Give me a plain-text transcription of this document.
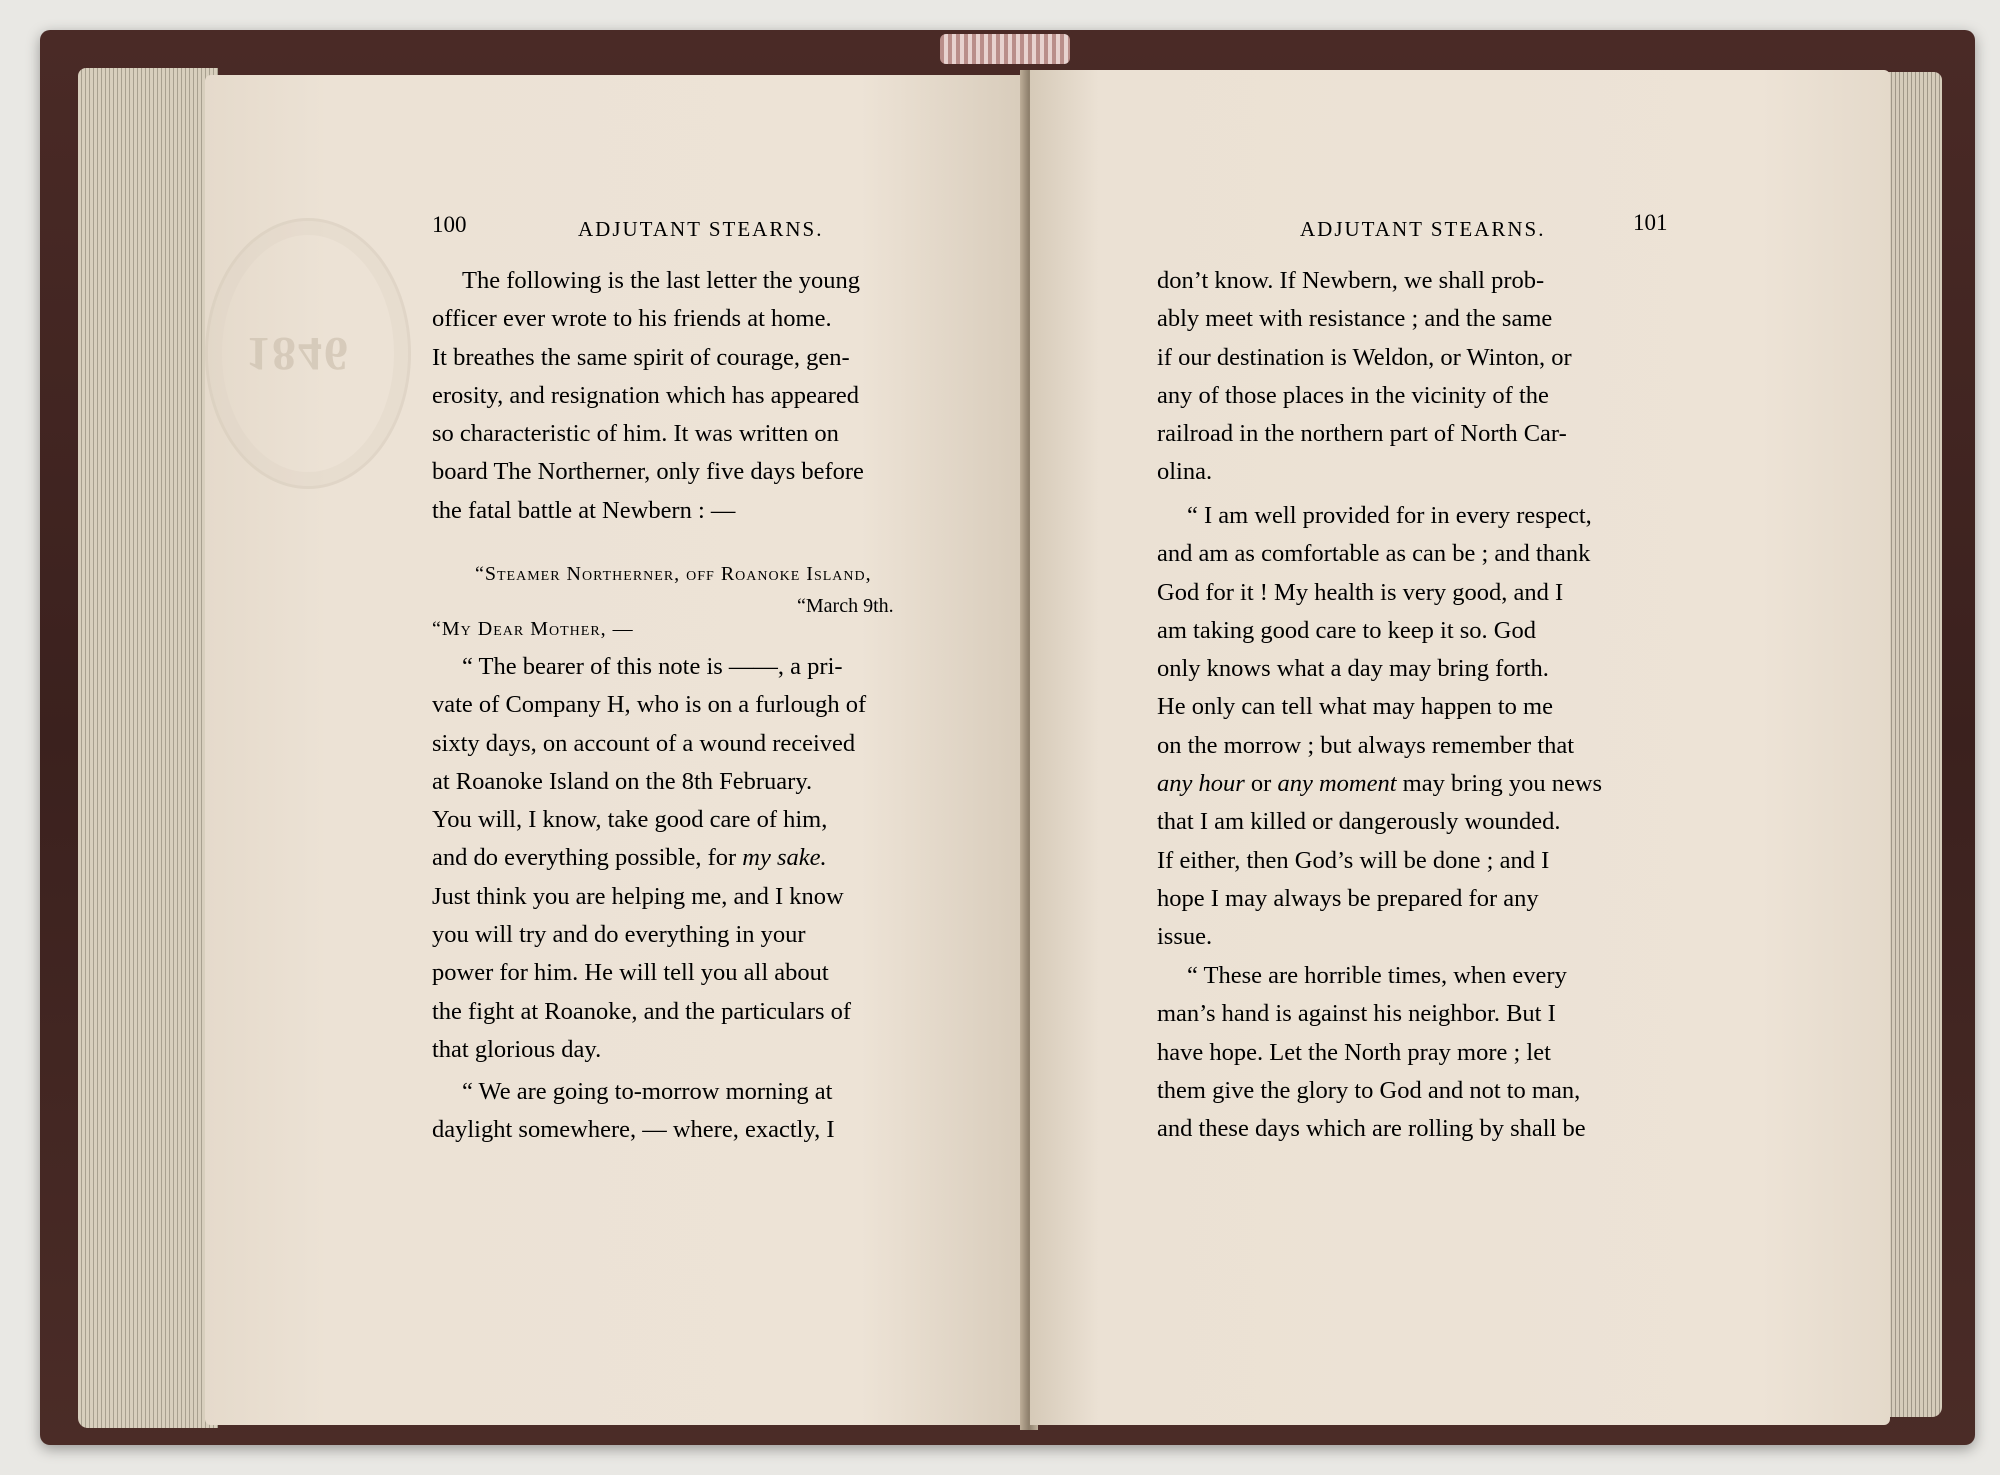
1846
100	ADJUTANT STEARNS.

The following is the last letter the young

officer ever wrote to his friends at home.

It breathes the same spirit of courage, gen-

erosity, and resignation which has appeared

so characteristic of him. It was written on

board The Northerner, only five days before

the fatal battle at Newbern : —

“Steamer Northerner, off Roanoke Island,
“March 9th.
“My Dear Mother, —

“ The bearer of this note is ——, a pri-

vate of Company H, who is on a furlough of

sixty days, on account of a wound received

at Roanoke Island on the 8th February.

You will, I know, take good care of him,

and do everything possible, for my sake.

Just think you are helping me, and I know

you will try and do everything in your

power for him. He will tell you all about

the fight at Roanoke, and the particulars of

that glorious day.

“ We are going to-morrow morning at

daylight somewhere, — where, exactly, I

ADJUTANT STEARNS.	101

don’t know. If Newbern, we shall prob-

ably meet with resistance ; and the same

if our destination is Weldon, or Winton, or

any of those places in the vicinity of the

railroad in the northern part of North Car-

olina.

“ I am well provided for in every respect,

and am as comfortable as can be ; and thank

God for it ! My health is very good, and I

am taking good care to keep it so. God

only knows what a day may bring forth.

He only can tell what may happen to me

on the morrow ; but always remember that

any hour or any moment may bring you news

that I am killed or dangerously wounded.

If either, then God’s will be done ; and I

hope I may always be prepared for any

issue.

“ These are horrible times, when every

man’s hand is against his neighbor. But I

have hope. Let the North pray more ; let

them give the glory to God and not to man,

and these days which are rolling by shall be
